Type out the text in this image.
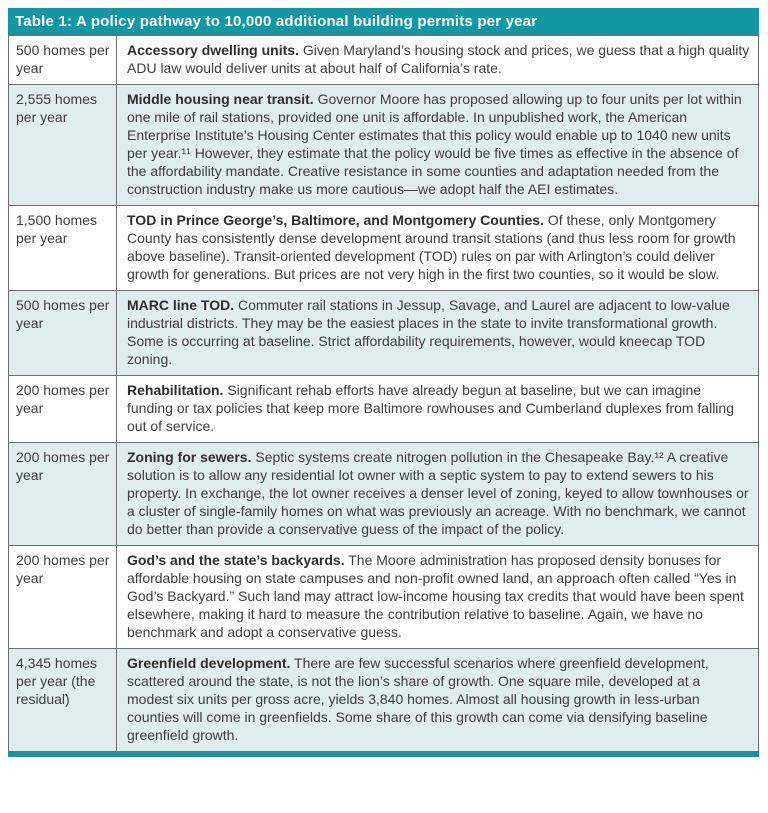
Table 1: A policy pathway to 10,000 additional building permits per year
500 homes per year	Accessory dwelling units. Given Maryland’s housing stock and prices, we guess that a high quality ADU law would deliver units at about half of California’s rate.
2,555 homes per year	Middle housing near transit. Governor Moore has proposed allowing up to four units per lot within one mile of rail stations, provided one unit is affordable. In unpublished work, the American Enterprise Institute’s Housing Center estimates that this policy would enable up to 1040 new units per year.¹¹ However, they estimate that the policy would be five times as effective in the absence of the affordability mandate. Creative resistance in some counties and adaptation needed from the construction industry make us more cautious—we adopt half the AEI estimates.
1,500 homes per year	TOD in Prince George’s, Baltimore, and Montgomery Counties. Of these, only Montgomery County has consistently dense development around transit stations (and thus less room for growth above baseline). Transit-oriented development (TOD) rules on par with Arlington’s could deliver growth for generations. But prices are not very high in the first two counties, so it would be slow.
500 homes per year	MARC line TOD. Commuter rail stations in Jessup, Savage, and Laurel are adjacent to low-value industrial districts. They may be the easiest places in the state to invite transformational growth. Some is occurring at baseline. Strict affordability requirements, however, would kneecap TOD zoning.
200 homes per year	Rehabilitation. Significant rehab efforts have already begun at baseline, but we can imagine funding or tax policies that keep more Baltimore rowhouses and Cumberland duplexes from falling out of service.
200 homes per year	Zoning for sewers. Septic systems create nitrogen pollution in the Chesapeake Bay.¹² A creative solution is to allow any residential lot owner with a septic system to pay to extend sewers to his property. In exchange, the lot owner receives a denser level of zoning, keyed to allow townhouses or a cluster of single-family homes on what was previously an acreage. With no benchmark, we cannot do better than provide a conservative guess of the impact of the policy.
200 homes per year	God’s and the state’s backyards. The Moore administration has proposed density bonuses for affordable housing on state campuses and non-profit owned land, an approach often called “Yes in God’s Backyard.” Such land may attract low-income housing tax credits that would have been spent elsewhere, making it hard to measure the contribution relative to baseline. Again, we have no benchmark and adopt a conservative guess.
4,345 homes per year (the residual)	Greenfield development. There are few successful scenarios where greenfield development, scattered around the state, is not the lion’s share of growth. One square mile, developed at a modest six units per gross acre, yields 3,840 homes. Almost all housing growth in less-urban counties will come in greenfields. Some share of this growth can come via densifying baseline greenfield growth.
